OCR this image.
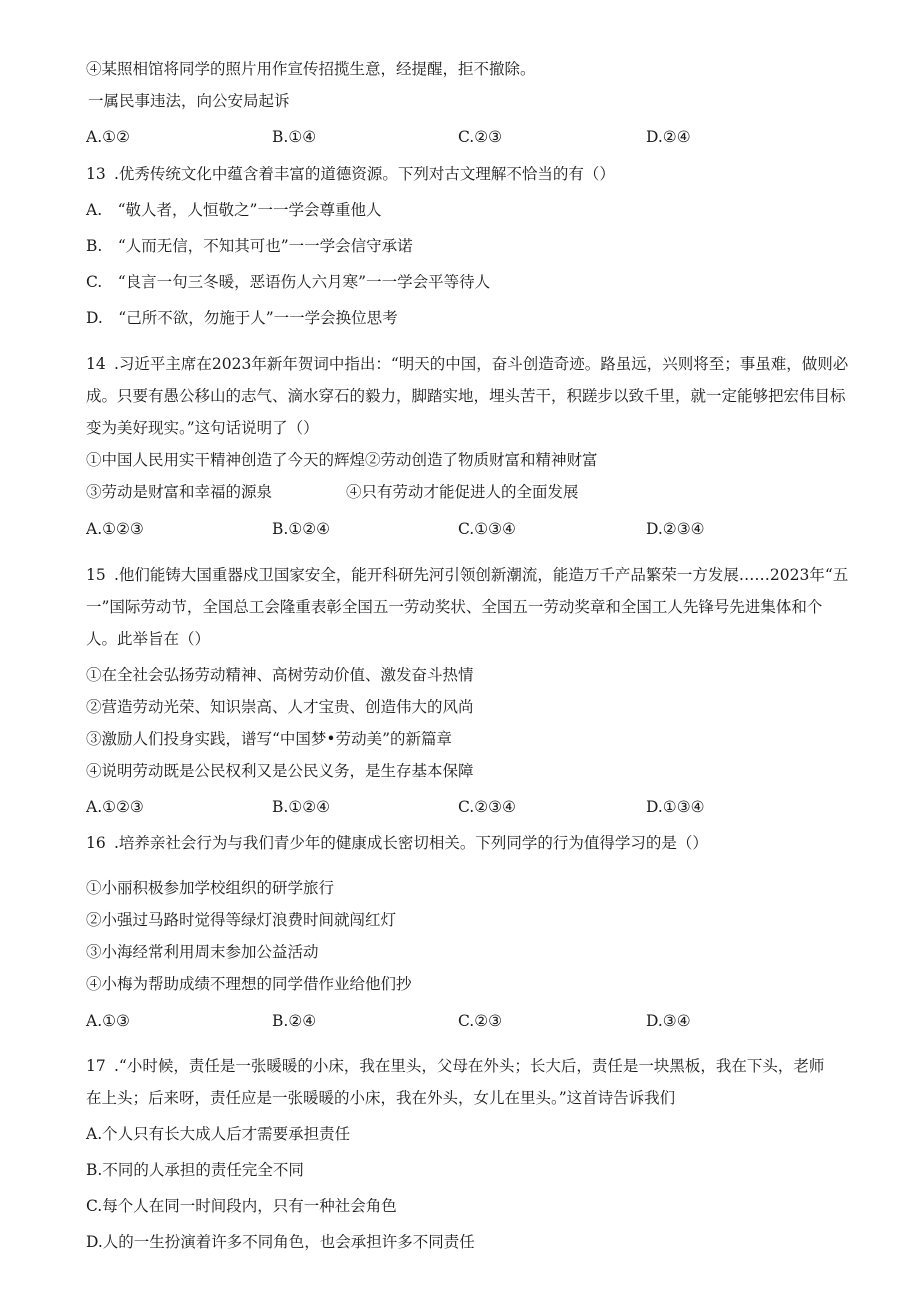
④某照相馆将同学的照片用作宣传招揽生意，经提醒，拒不撤除。
一属民事违法，向公安局起诉
A.①②	B.①④	C.②③	D.②④
13 .优秀传统文化中蕴含着丰富的道德资源。下列对古文理解不恰当的有（）
A.　“敬人者，人恒敬之”一一学会尊重他人
B.　“人而无信，不知其可也”一一学会信守承诺
C.　“良言一句三冬暖，恶语伤人六月寒”一一学会平等待人
D.　“己所不欲，勿施于人”一一学会换位思考
14 .习近平主席在2023年新年贺词中指出：“明天的中国，奋斗创造奇迹。路虽远，兴则将至；事虽难，做则必
成。只要有愚公移山的志气、滴水穿石的毅力，脚踏实地，埋头苦干，积蹉步以致千里，就一定能够把宏伟目标
变为美好现实。”这句话说明了（）
①中国人民用实干精神创造了今天的辉煌②劳动创造了物质财富和精神财富
③劳动是财富和幸福的源泉	④只有劳动才能促进人的全面发展
A.①②③	B.①②④	C.①③④	D.②③④
15 .他们能铸大国重器戍卫国家安全，能开科研先河引领创新潮流，能造万千产品繁荣一方发展……2023年“五
一”国际劳动节，全国总工会隆重表彰全国五一劳动奖状、全国五一劳动奖章和全国工人先锋号先进集体和个
人。此举旨在（）
①在全社会弘扬劳动精神、高树劳动价值、激发奋斗热情
②营造劳动光荣、知识崇高、人才宝贵、创造伟大的风尚
③激励人们投身实践，谱写“中国梦•劳动美”的新篇章
④说明劳动既是公民权利又是公民义务，是生存基本保障
A.①②③	B.①②④	C.②③④	D.①③④
16 .培养亲社会行为与我们青少年的健康成长密切相关。下列同学的行为值得学习的是（）
①小丽积极参加学校组织的研学旅行
②小强过马路时觉得等绿灯浪费时间就闯红灯
③小海经常利用周末参加公益活动
④小梅为帮助成绩不理想的同学借作业给他们抄
A.①③	B.②④	C.②③	D.③④
17 .“小时候，责任是一张暖暖的小床，我在里头，父母在外头；长大后，责任是一块黑板，我在下头，老师
在上头；后来呀，责任应是一张暖暖的小床，我在外头，女儿在里头。”这首诗告诉我们
A.个人只有长大成人后才需要承担责任
B.不同的人承担的责任完全不同
C.每个人在同一时间段内，只有一种社会角色
D.人的一生扮演着许多不同角色，也会承担许多不同责任
